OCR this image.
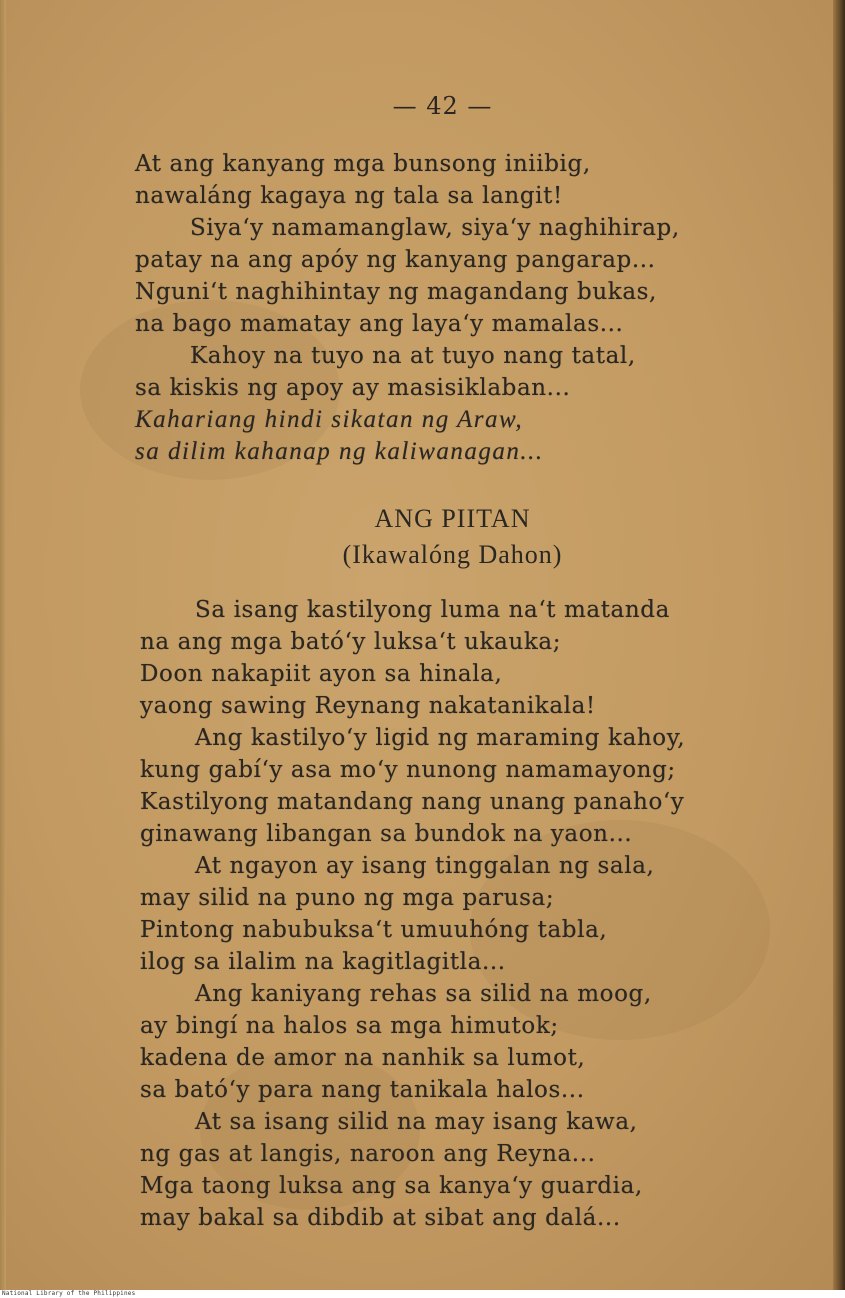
— 42 —
At ang kanyang mga bunsong iniibig,
nawaláng kagaya ng tala sa langit!
Siya‘y namamanglaw, siya‘y naghihirap,
patay na ang apóy ng kanyang pangarap...
Nguni‘t naghihintay ng magandang bukas,
na bago mamatay ang laya‘y mamalas...
Kahoy na tuyo na at tuyo nang tatal,
sa kiskis ng apoy ay masisiklaban...
Kahariang hindi sikatan ng Araw,
sa dilim kahanap ng kaliwanagan...
ANG PIITAN
(Ikawalóng Dahon)
Sa isang kastilyong luma na‘t matanda
na ang mga bató‘y luksa‘t ukauka;
Doon nakapiit ayon sa hinala,
yaong sawing Reynang nakatanikala!
Ang kastilyo‘y ligid ng maraming kahoy,
kung gabí‘y asa mo‘y nunong namamayong;
Kastilyong matandang nang unang panaho‘y
ginawang libangan sa bundok na yaon...
At ngayon ay isang tinggalan ng sala,
may silid na puno ng mga parusa;
Pintong nabubuksa‘t umuuhóng tabla,
ilog sa ilalim na kagitlagitla...
Ang kaniyang rehas sa silid na moog,
ay bingí na halos sa mga himutok;
kadena de amor na nanhik sa lumot,
sa bató‘y para nang tanikala halos...
At sa isang silid na may isang kawa,
ng gas at langis, naroon ang Reyna...
Mga taong luksa ang sa kanya‘y guardia,
may bakal sa dibdib at sibat ang dalá...
National Library of the Philippines
